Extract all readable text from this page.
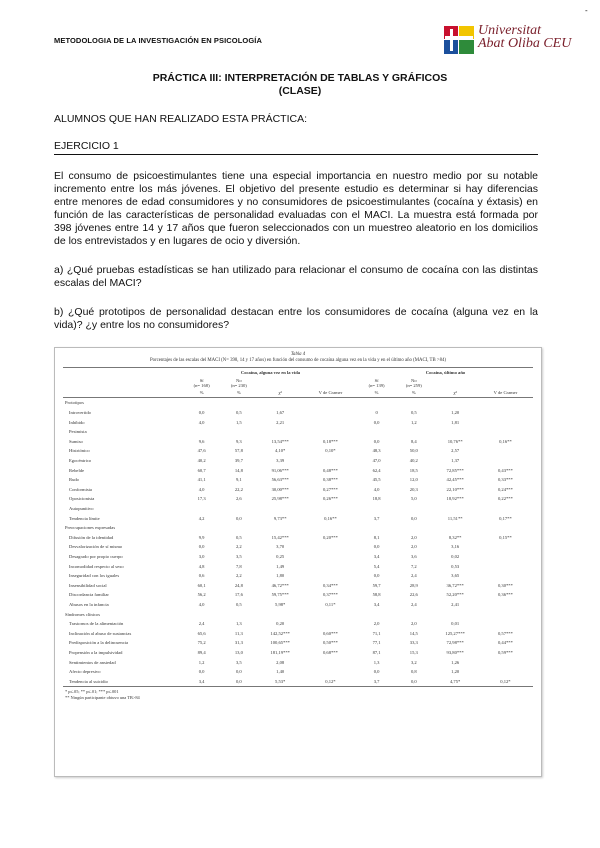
-
METODOLOGIA DE LA INVESTIGACIÓN EN PSICOLOGÍA
Universitat
Abat Oliba CEU
PRÁCTICA III: INTERPRETACIÓN DE TABLAS Y GRÁFICOS
(CLASE)
ALUMNOS QUE HAN REALIZADO ESTA PRÁCTICA:
EJERCICIO 1
El consumo de psicoestimulantes tiene una especial importancia en nuestro medio por su notable incremento entre los más jóvenes. El objetivo del presente estudio es determinar si hay diferencias entre menores de edad consumidores y no consumidores de psicoestimulantes (cocaína y éxtasis) en función de las características de personalidad evaluadas con el MACI. La muestra está formada por 398 jóvenes entre 14 y 17 años que fueron seleccionados con un muestreo aleatorio en los domicilios de los entrevistados y en lugares de ocio y diversión.
a) ¿Qué pruebas estadísticas se han utilizado para relacionar el consumo de cocaína con las distintas escalas del MACI?
b) ¿Qué prototipos de personalidad destacan entre los consumidores de cocaína (alguna vez en la vida)? ¿y entre los no consumidores?
Tabla 4
Porcentajes de las escalas del MACI (N= 398, 14 y 17 años) en función del consumo de cocaína alguna vez en la vida y en el último año (MACI, TB >84)
	Cocaína, alguna vez en la vida				Cocaína, último año			
	Sí
(n= 168)	No
(n= 230)			Sí
(n= 139)	No
(n= 259)		
	%	%	χ²	V de Cramer	%	%	χ²	V de Cramer
Prototipos								
Introvertido	0,0	0,5	1,67		0	0,5	1,20	
Inhibido	4,0	1,5	2,21		0,0	1,2	1,81	
Pesimista								
Sumiso	9,6	9,3	13,54***	0,18***	0,0	8,4	10,76**	0,16**
Histriónico	47,6	57,8	4,10*	0,10*	48,3	50,0	2,57	
Egocéntrico	40,2	39,7	3,39		47,0	40,2	1,37	
Rebelde	60,7	14,8	91,06***	0,48***	62,4	18,5	72,85***	0,43***
Rudo	41,1	9,1	56,63***	0,38***	45,5	12,0	42,45***	0,33***
Conformista	4,0	22,2	30,00***	0,27***	4,0	20,3	22,10***	0,24***
Oposicionista	17,3	2,6	25,98***	0,26***	18,8	5,0	18,92***	0,22***
Autopunitivo								
Tendencia límite	4,2	0,0	9,73**	0,16**	3,7	0,0	11,51**	0,17**
Preocupaciones expresadas								
Difusión de la identidad	9,9	0,5	15,42***	0,20***	8,1	2,0	8,32**	0,15**
Desvalorización de sí mismo	0,0	2,2	3,70		0,0	2,0	3,16	
Desagrado por propio cuerpo	3,0	3,5	0,25		3,4	3,6	0,02	
Incomodidad respecto al sexo	4,8	7,8	1,49		5,4	7,2	0,53	
Inseguridad con los iguales	0,6	2,2	1,80		0,0	2,4	3,65	
Insensibilidad social	60,1	24,8	46,72***	0,34***	59,7	28,9	36,72***	0,30***
Discordancia familiar	56,2	17,6	59,75***	0,37***	58,8	22,6	52,20***	0,36***
Abusos en la infancia	4,0	0,5	5,98*	0,11*	3,4	2,4	2,41	
Síndromes clínicos								
Trastornos de la alimentación	2,4	1,3	0,20		2,0	2,0	0,01	
Inclinación al abuso de sustancias	65,6	11,3	142,52***	0,60***	71,1	14,5	125,27***	0,57***
Predisposición a la delincuencia	75,2	31,3	100,65***	0,50***	77,1	33,3	72,98***	0,44***
Propensión a la impulsividad	89,4	13,0	181,19***	0,68***	87,1	15,3	93,80***	0,59***
Sentimientos de ansiedad	1,2	3,5	2,08		1,3	3,2	1,26	
Afecto depresivo	0,0	0,0	1,40		0,0	0,8	1,20	
Tendencia al suicidio	3,4	0,0	5,53*	0,12*	3,7	0,0	4,75*	0,12*
* p≤.05; ** p≤.01; *** p≤.001
** Ningún participante obtuvo una TB>84
